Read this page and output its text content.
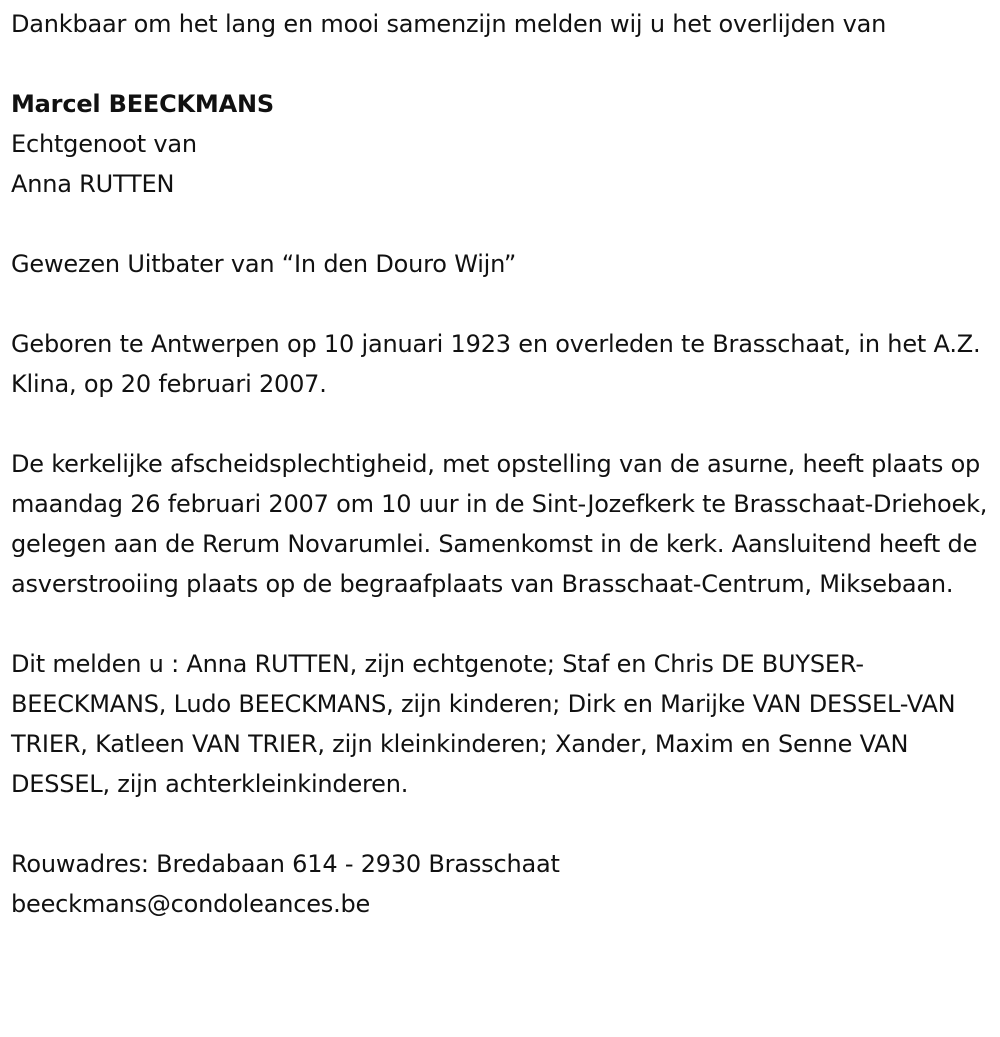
Dankbaar om het lang en mooi samenzijn melden wij u het overlijden van

Marcel BEECKMANS

Echtgenoot van

Anna RUTTEN

Gewezen Uitbater van “In den Douro Wijn”

Geboren te Antwerpen op 10 januari 1923 en overleden te Brasschaat, in het A.Z. Klina, op 20 februari 2007.

De kerkelijke afscheidsplechtigheid, met opstelling van de asurne, heeft plaats op maandag 26 februari 2007 om 10 uur in de Sint-Jozefkerk te Brasschaat-Driehoek, gelegen aan de Rerum Novarumlei. Samenkomst in de kerk. Aansluitend heeft de asverstrooiing plaats op de begraafplaats van Brasschaat-Centrum, Miksebaan.

Dit melden u : Anna RUTTEN, zijn echtgenote; Staf en Chris DE BUYSER-BEECKMANS, Ludo BEECKMANS, zijn kinderen; Dirk en Marijke VAN DESSEL-VAN TRIER, Katleen VAN TRIER, zijn kleinkinderen; Xander, Maxim en Senne VAN DESSEL, zijn achterkleinkinderen.

Rouwadres: Bredabaan 614 - 2930 Brasschaat

beeckmans@condoleances.be
